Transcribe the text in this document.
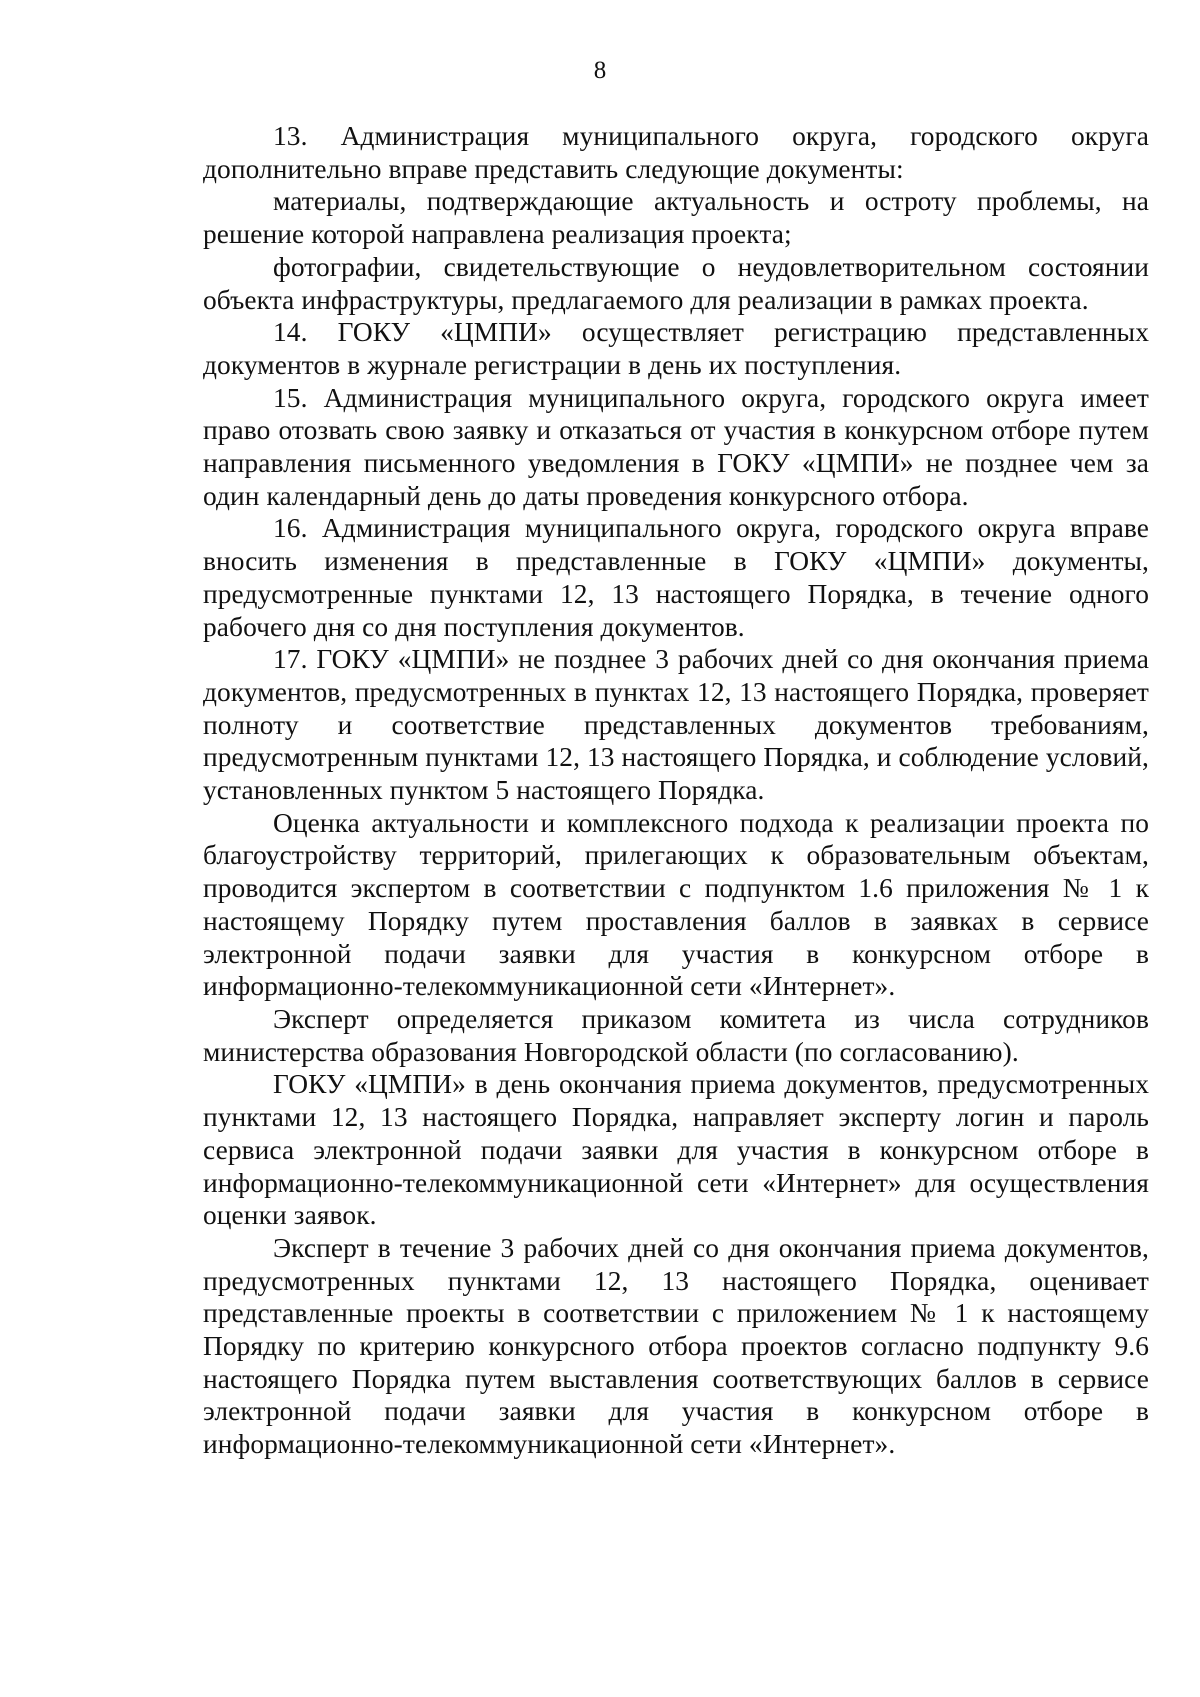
8

13. Администрация муниципального округа, городского округа дополнительно вправе представить следующие документы:

материалы, подтверждающие актуальность и остроту проблемы, на решение которой направлена реализация проекта;

фотографии, свидетельствующие о неудовлетворительном состоянии объекта инфраструктуры, предлагаемого для реализации в рамках проекта.

14. ГОКУ «ЦМПИ» осуществляет регистрацию представленных документов в журнале регистрации в день их поступления.

15. Администрация муниципального округа, городского округа имеет право отозвать свою заявку и отказаться от участия в конкурсном отборе путем направления письменного уведомления в ГОКУ «ЦМПИ» не позднее чем за один календарный день до даты проведения конкурсного отбора.

16. Администрация муниципального округа, городского округа вправе вносить изменения в представленные в ГОКУ «ЦМПИ» документы, предусмотренные пунктами 12, 13 настоящего Порядка, в течение одного рабочего дня со дня поступления документов.

17. ГОКУ «ЦМПИ» не позднее 3 рабочих дней со дня окончания приема документов, предусмотренных в пунктах 12, 13 настоящего Порядка, проверяет полноту и соответствие представленных документов требованиям, предусмотренным пунктами 12, 13 настоящего Порядка, и соблюдение условий, установленных пунктом 5 настоящего Порядка.

Оценка актуальности и комплексного подхода к реализации проекта по благоустройству территорий, прилегающих к образовательным объектам, проводится экспертом в соответствии с подпунктом 1.6 приложения № 1 к настоящему Порядку путем проставления баллов в заявках в сервисе электронной подачи заявки для участия в конкурсном отборе в информационно-телекоммуникационной сети «Интернет».

Эксперт определяется приказом комитета из числа сотрудников министерства образования Новгородской области (по согласованию).

ГОКУ «ЦМПИ» в день окончания приема документов, предусмотренных пунктами 12, 13 настоящего Порядка, направляет эксперту логин и пароль сервиса электронной подачи заявки для участия в конкурсном отборе в информационно-телекоммуникационной сети «Интернет» для осуществления оценки заявок.

Эксперт в течение 3 рабочих дней со дня окончания приема документов, предусмотренных пунктами 12, 13 настоящего Порядка, оценивает представленные проекты в соответствии с приложением № 1 к настоящему Порядку по критерию конкурсного отбора проектов согласно подпункту 9.6 настоящего Порядка путем выставления соответствующих баллов в сервисе электронной подачи заявки для участия в конкурсном отборе в информационно-телекоммуникационной сети «Интернет».
